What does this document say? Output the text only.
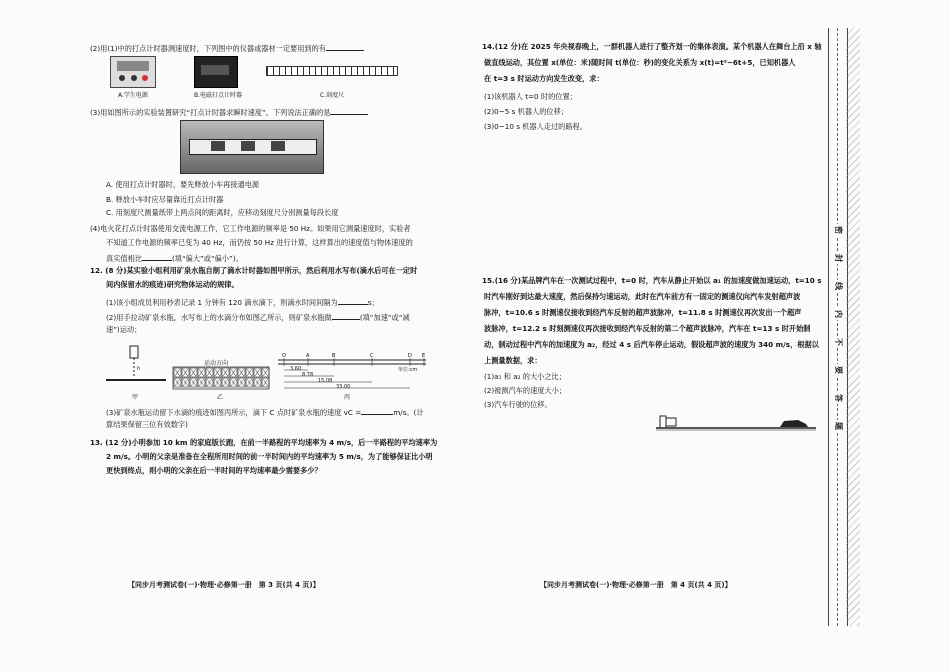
(2)用(1)中的打点计时器测速度时，下列图中的仪器或器材一定要用到的有
A.学生电源	B.电磁打点计时器	C.刻度尺
(3)用如图所示的实验装置研究“打点计时器求瞬时速度”，下列说法正确的是
A. 使用打点计时器时，要先释放小车再接通电源
B. 释放小车时应尽量靠近打点计时器
C. 用刻度尺测量纸带上两点间的距离时，应移动刻度尺分别测量每段长度
(4)电火花打点计时器使用交流电源工作，它工作电源的频率是 50 Hz。如果用它测量速度时，实验者
不知道工作电源的频率已变为 40 Hz，而仍按 50 Hz 进行计算，这样算出的速度值与物体速度的
真实值相比	(填“偏大”或“偏小”)。
12. (8 分)某实验小组利用矿泉水瓶自制了滴水计时器如图甲所示，然后利用水写布(滴水后可在一定时
间内保留水的痕迹)研究物体运动的规律。
(1)该小组成员利用秒表记录 1 分钟有 120 滴水滴下，则滴水时间间隔为	s；
(2)用手拉动矿泉水瓶，水写布上的水滴分布如图乙所示，则矿泉水瓶做	(填“加速”或“减
速”)运动；
h
甲
运动方向
乙
O	A	B	C	D E
3.60
8.78
15.08
33.00
单位:cm
丙
(3)矿泉水瓶运动留下水滴的痕迹如图丙所示，滴下 C 点时矿泉水瓶的速度 vC =	m/s。(计
算结果保留三位有效数字)
13. (12 分)小明参加 10 km 的家庭版长跑，在前一半路程的平均速率为 4 m/s，后一半路程的平均速率为
2 m/s。小明的父亲是准备在全程所用时间的前一半时间内的平均速率为 5 m/s，为了能够保证比小明
更快到终点，则小明的父亲在后一半时间的平均速率最少需要多少？
【同步月考测试卷(一)·物理·必修第一册　第 3 页(共 4 页)】
14.(12 分)在 2025 年央视春晚上，一群机器人进行了整齐划一的集体表演。某个机器人在舞台上沿 x 轴
做直线运动，其位置 x(单位：米)随时间 t(单位：秒)的变化关系为 x(t)=t²−6t+5，已知机器人
在 t=3 s 时运动方向发生改变，求：
(1)该机器人 t=0 时的位置；
(2)0~5 s 机器人的位移；
(3)0~10 s 机器人走过的路程。
15.(16 分)某品牌汽车在一次测试过程中，t=0 时，汽车从静止开始以 a₁ 的加速度做加速运动，t=10 s
时汽车刚好到达最大速度，然后保持匀速运动，此时在汽车前方有一固定的测速仪向汽车发射超声波
脉冲，t=10.6 s 时测速仪接收到经汽车反射的超声波脉冲，t=11.8 s 时测速仪再次发出一个超声
波脉冲，t=12.2 s 时刻测速仪再次接收到经汽车反射的第二个超声波脉冲，汽车在 t=13 s 时开始制
动，制动过程中汽车的加速度为 a₂，经过 4 s 后汽车停止运动，假设超声波的速度为 340 m/s，根据以
上测量数据，求：
(1)a₁ 和 a₂ 的大小之比；
(2)被测汽车的速度大小；
(3)汽车行驶的位移。
【同步月考测试卷(一)·物理·必修第一册　第 4 页(共 4 页)】
密
封
线
内
不
要
答
题
